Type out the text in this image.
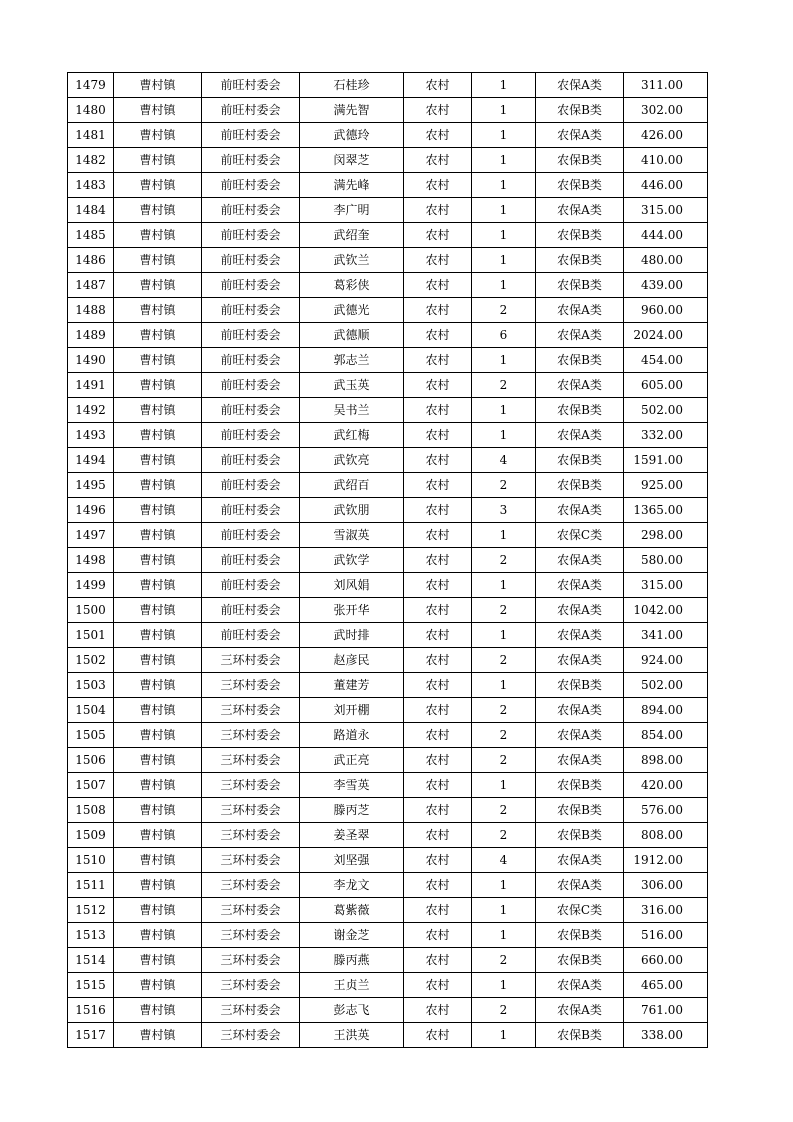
1479	曹村镇	前旺村委会	石桂珍	农村	1	农保A类	311.00
1480	曹村镇	前旺村委会	满先智	农村	1	农保B类	302.00
1481	曹村镇	前旺村委会	武德玲	农村	1	农保A类	426.00
1482	曹村镇	前旺村委会	闵翠芝	农村	1	农保B类	410.00
1483	曹村镇	前旺村委会	满先峰	农村	1	农保B类	446.00
1484	曹村镇	前旺村委会	李广明	农村	1	农保A类	315.00
1485	曹村镇	前旺村委会	武绍奎	农村	1	农保B类	444.00
1486	曹村镇	前旺村委会	武钦兰	农村	1	农保B类	480.00
1487	曹村镇	前旺村委会	葛彩侠	农村	1	农保B类	439.00
1488	曹村镇	前旺村委会	武德光	农村	2	农保A类	960.00
1489	曹村镇	前旺村委会	武德顺	农村	6	农保A类	2024.00
1490	曹村镇	前旺村委会	郭志兰	农村	1	农保B类	454.00
1491	曹村镇	前旺村委会	武玉英	农村	2	农保A类	605.00
1492	曹村镇	前旺村委会	吴书兰	农村	1	农保B类	502.00
1493	曹村镇	前旺村委会	武红梅	农村	1	农保A类	332.00
1494	曹村镇	前旺村委会	武钦亮	农村	4	农保B类	1591.00
1495	曹村镇	前旺村委会	武绍百	农村	2	农保B类	925.00
1496	曹村镇	前旺村委会	武钦朋	农村	3	农保A类	1365.00
1497	曹村镇	前旺村委会	雪淑英	农村	1	农保C类	298.00
1498	曹村镇	前旺村委会	武钦学	农村	2	农保A类	580.00
1499	曹村镇	前旺村委会	刘风娟	农村	1	农保A类	315.00
1500	曹村镇	前旺村委会	张开华	农村	2	农保A类	1042.00
1501	曹村镇	前旺村委会	武时排	农村	1	农保A类	341.00
1502	曹村镇	三环村委会	赵彦民	农村	2	农保A类	924.00
1503	曹村镇	三环村委会	董建芳	农村	1	农保B类	502.00
1504	曹村镇	三环村委会	刘开棚	农村	2	农保A类	894.00
1505	曹村镇	三环村委会	路道永	农村	2	农保A类	854.00
1506	曹村镇	三环村委会	武正亮	农村	2	农保A类	898.00
1507	曹村镇	三环村委会	李雪英	农村	1	农保B类	420.00
1508	曹村镇	三环村委会	滕丙芝	农村	2	农保B类	576.00
1509	曹村镇	三环村委会	姜圣翠	农村	2	农保B类	808.00
1510	曹村镇	三环村委会	刘坚强	农村	4	农保A类	1912.00
1511	曹村镇	三环村委会	李龙文	农村	1	农保A类	306.00
1512	曹村镇	三环村委会	葛紫薇	农村	1	农保C类	316.00
1513	曹村镇	三环村委会	谢金芝	农村	1	农保B类	516.00
1514	曹村镇	三环村委会	滕丙燕	农村	2	农保B类	660.00
1515	曹村镇	三环村委会	王贞兰	农村	1	农保A类	465.00
1516	曹村镇	三环村委会	彭志飞	农村	2	农保A类	761.00
1517	曹村镇	三环村委会	王洪英	农村	1	农保B类	338.00
